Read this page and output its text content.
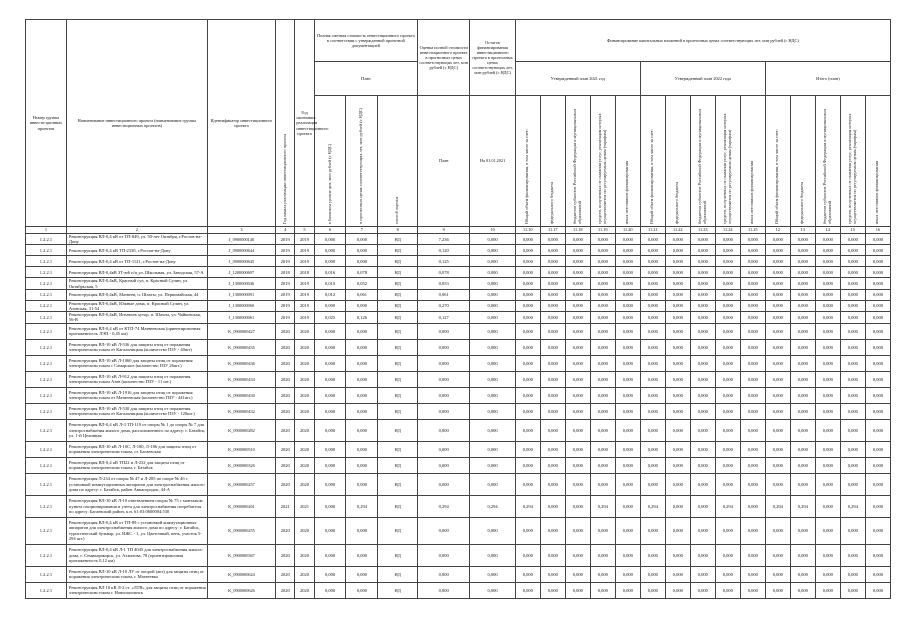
Номер группы инвести-ционных проектов	Наименование инвестиционного проекта (наименование группы инвестиционных проектов)	Идентификатор инвестиционного проекта	Год начала реализации инвестиционного проекта	Год окончания реализации инвестиционного проекта	Полная сметная стоимость инвестиционного проекта в соответствии с утвержденной проектной документацией			Оценка полной стоимости инвестиционного проекта в прогнозных ценах соответствующих лет, млн рублей (с НДС)	Остаток финансирования инвестиционного проекта в прогнозных ценах соответствующих лет, млн рублей (с НДС)	Финансирование капитальных вложений в прогнозных ценах соответствующих лет, млн рублей (с НДС)														
					План					Утвержденный план 2021 год					Утвержденный план 2022 года					Итого (план)				

					в базисном уровне цен, млн рублей (с НДС)	в прогнозных ценах соответствующих лет, млн рублей (с НДС)	способ оценки	План	На 01.01.2021	Общий объем финансирования, в том числе за счет:	федерального бюджета	бюджетов субъектов Российской Федерации и муниципальных образований	средств, полученных от оказания услуг, реализация которых осуществляется по регулируемым ценам (тарифам)	иных источников финансирования	Общий объем финансирования, в том числе за счет:	федерального бюджета	бюджетов субъектов Российской Федерации и муниципальных образований	средств, полученных от оказания услуг, реализация которых осуществляется по регулируемым ценам (тарифам)	иных источников финансирования	Общий объем финансирования, в том числе за счет:	федерального бюджета	бюджетов субъектов Российской Федерации и муниципальных образований	средств, полученных от оказания услуг, реализация которых осуществляется по регулируемым ценам (тарифам)	иных источников финансирования

1	2	3	4	5	6	7	8	9	10	11.10	11.17	11.18	11.19	11.20	11.21	11.22	11.23	11.24	11.25	12	13	14	15	16
1.2.2.1	Реконструкция ВЛ-0,4 кВ от ТП-849, ул. 50-лет Октября, г.Ростов-на-Дону	J_0900000140	2019	2019	0,000	0,000	НД	7,236	0,000	0,000	0,000	0,000	0,000	0,000	0,000	0,000	0,000	0,000	0,000	0,000	0,000	0,000	0,000	0,000
1.2.2.1	Реконструкция ВЛ-0,4 кВ ТП-2330, г.Ростов-на-Дону	J_0900000644	2019	2019	0,000	0,000	НД	0,120	0,000	0,000	0,000	0,000	0,000	0,000	0,000	0,000	0,000	0,000	0,000	0,000	0,000	0,000	0,000	0,000
1.2.2.1	Реконструкция ВЛ-0,4 кВ от ТП-1121, г.Ростов-на-Дону	J_0900000645	2019	2019	0,000	0,000	НД	0,125	0,000	0,000	0,000	0,000	0,000	0,000	0,000	0,000	0,000	0,000	0,000	0,000	0,000	0,000	0,000	0,000
1.2.2.1	Реконструкция ВЛ-0,4кВ ЗТ-ю6 п/ц ул. Школьная, ул. Заводская, 57-А	J_1200000697	2018	2018	0,016	0,078	НД	0,078	0,000	0,000	0,000	0,000	0,000	0,000	0,000	0,000	0,000	0,000	0,000	0,000	0,000	0,000	0,000	0,000
1.2.2.1	Реконструкция ВЛ-0,4кВ, Красный сул, п. Красный Сулин, ул. Октябрьская, 5	J_1300000046	2019	2019	0,010	0,052	НД	0,053	0,000	0,000	0,000	0,000	0,000	0,000	0,000	0,000	0,000	0,000	0,000	0,000	0,000	0,000	0,000	0,000
1.2.2.1	Реконструкция ВЛ-0,4кВ, Матвеев, п. Шахты, ул. Первомайская, 44	J_1300000091	2019	2019	0,012	0,061	НД	0,061	0,000	0,000	0,000	0,000	0,000	0,000	0,000	0,000	0,000	0,000	0,000	0,000	0,000	0,000	0,000	0,000
1.2.2.1	Реконструкция ВЛ-0,4кВ, Южные дома, п. Красный Сулин, ул. Азовская, 31-54	J_1300000060	2019	2019	0,000	0,000	НД	0,270	0,000	0,000	0,000	0,000	0,000	0,000	0,000	0,000	0,000	0,000	0,000	0,000	0,000	0,000	0,000	0,000
1.2.2.1	Реконструкция ВЛ-0,4кВ, Игнатьев хутор, п. Шахты, ул. Чайковская, 56-В	J_1300000061	2019	2019	0,025	0,126	НД	0,127	0,000	0,000	0,000	0,000	0,000	0,000	0,000	0,000	0,000	0,000	0,000	0,000	0,000	0,000	0,000	0,000
1.2.2.1	Реконструкция ВЛ-0,4 кВ от КТП-74 Матвеевская (ориентировочная протяженность ЛЭП - 0,45 км)	K_0900000427	2020	2020	0,000	0,000	НД	0,000	0,000	0,000	0,000	0,000	0,000	0,000	0,000	0,000	0,000	0,000	0,000	0,000	0,000	0,000	0,000	0,000
1.2.2.1	Реконструкция ВЛ-10 кВ Л-536 для защиты птиц от поражения электрическим током от Кагальницкая (количество ПЗУ - 40шт)	K_0900000435	2020	2020	0,000	0,000	НД	0,000	0,000	0,000	0,000	0,000	0,000	0,000	0,000	0,000	0,000	0,000	0,000	0,000	0,000	0,000	0,000	0,000
1.2.2.1	Реконструкция ВЛ-10 кВ Л-1060 для защиты птиц от поражения электрическим током с Самарское (количество ПЗУ 26шт.)	K_0900000436	2020	2020	0,000	0,000	НД	0,000	0,000	0,000	0,000	0,000	0,000	0,000	0,000	0,000	0,000	0,000	0,000	0,000	0,000	0,000	0,000	0,000
1.2.2.1	Реконструкция ВЛ-10 кВ Л-912 для защиты птиц от поражения электрическим током Азов (количество ПЗУ - 11 шт.)	K_0900000434	2020	2020	0,000	0,000	НД	0,000	0,000	0,000	0,000	0,000	0,000	0,000	0,000	0,000	0,000	0,000	0,000	0,000	0,000	0,000	0,000	0,000
1.2.2.1	Реконструкция ВЛ-10 кВ Л-1916 для защиты птиц от поражения электрическим током от Матвеевская (количество ПЗУ - 441шт.)	K_0900000430	2020	2020	0,000	0,000	НД	0,000	0,000	0,000	0,000	0,000	0,000	0,000	0,000	0,000	0,000	0,000	0,000	0,000	0,000	0,000	0,000	0,000
1.2.2.1	Реконструкция ВЛ-10 кВ Л-530 для защиты птиц от поражения электрическим током от Кагальницкая (количество ПЗУ - 120шт.)	K_0900000432	2020	2020	0,000	0,000	НД	0,000	0,000	0,000	0,000	0,000	0,000	0,000	0,000	0,000	0,000	0,000	0,000	0,000	0,000	0,000	0,000	0,000
1.2.2.1	Реконструкция ВЛ-0,4 кВ Л-3 ТП-119 от опоры № 1 до опоры № 7 для электроснабжения жилого дома, расположенного по адресу: г. Батайск, ул. 1-й Целинная	K_0900000282	2020	2020	0,000	0,000	НД	0,000	0,000	0,000	0,000	0,000	0,000	0,000	0,000	0,000	0,000	0,000	0,000	0,000	0,000	0,000	0,000	0,000
1.2.2.1	Реконструкция ВЛ-10 кВ Л-10С, Л-180, Л-186 для защиты птиц от поражения электрическим током, ст. Багаевская	K_0900000510	2020	2020	0,000	0,000	НД	0,000	0,000	0,000	0,000	0,000	0,000	0,000	0,000	0,000	0,000	0,000	0,000	0,000	0,000	0,000	0,000	0,000
1.2.2.1	Реконструкция ВЛ-0,4 кВ ТП22 и Л-232 для защиты птиц от поражения электрическим током, г. Батайск	K_0900000326	2020	2020	0,000	0,000	НД	0,000	0,000	0,000	0,000	0,000	0,000	0,000	0,000	0,000	0,000	0,000	0,000	0,000	0,000	0,000	0,000	0,000
1.2.2.1	Реконструкция Л-234 от опоры № 47 и Л-285 по опоре № 4б с установкой коммутационных аппаратов для электроснабжения жилого дома по адресу: г. Батайск, район Авиагородок, 44-А	K_0900000257	2020	2020	0,000	0,000	НД	0,000	0,000	0,000	0,000	0,000	0,000	0,000	0,000	0,000	0,000	0,000	0,000	0,000	0,000	0,000	0,000	0,000
1.2.2.1	Реконструкция ВЛ-10 кВ Л-10 ответвлением опоры № 75 с монтажом пункта секционирования и учета для электроснабжения потребителя по адресу: Багаевский район, к.н. 61:03:0600004:530	K_0900000261	2021	2021	0,000	0,294	НД	0,294	0,294	0,294	0,000	0,000	0,294	0,000	0,294	0,000	0,000	0,294	0,000	0,294	0,294	0,000	0,294	0,000
1.2.2.1	Реконструкция ВЛ-0,4 кВ от ТП-89 с установкой коммутационных аппаратов для электроснабжения жилого дома по адресу: г. Батайск, туристический бульвар, ул. ИЖС - 1, ул. Цветочный, пень, участок 5-294 шт.)	K_0900000255	2020	2020	0,000	0,000	НД	0,000	0,000	0,000	0,000	0,000	0,000	0,000	0,000	0,000	0,000	0,000	0,000	0,000	0,000	0,000	0,000	0,000
1.2.2.1	Реконструкция ВЛ-0,4 кВ Л-1 ТП 4045 для электроснабжения жилого дома, г. Семикаракорск, ул. Ахматова, 78 (ориентировочная протяженность 0,12 км)	K_0900000367	2020	2020	0,000	0,000	НД	0,000	0,000	0,000	0,000	0,000	0,000	0,000	0,000	0,000	0,000	0,000	0,000	0,000	0,000	0,000	0,000	0,000
1.2.2.1	Реконструкция ВЛ-10 кВ Л-10 ЛУ от опорой (акт) для защиты птиц от поражения электрическим током, г. Матвеевка	K_0900000624	2020	2020	0,000	0,000	НД	0,000	0,000	0,000	0,000	0,000	0,000	0,000	0,000	0,000	0,000	0,000	0,000	0,000	0,000	0,000	0,000	0,000
1.2.2.1	Реконструкция ВЛ 10 кВ Л-2 ст. «ЛТВ» для защиты птиц от поражения электрическим током г. Новошахтинск	K_0900000626	2020	2020	0,000	0,000	НД	0,000	0,000	0,000	0,000	0,000	0,000	0,000	0,000	0,000	0,000	0,000	0,000	0,000	0,000	0,000	0,000	0,000
